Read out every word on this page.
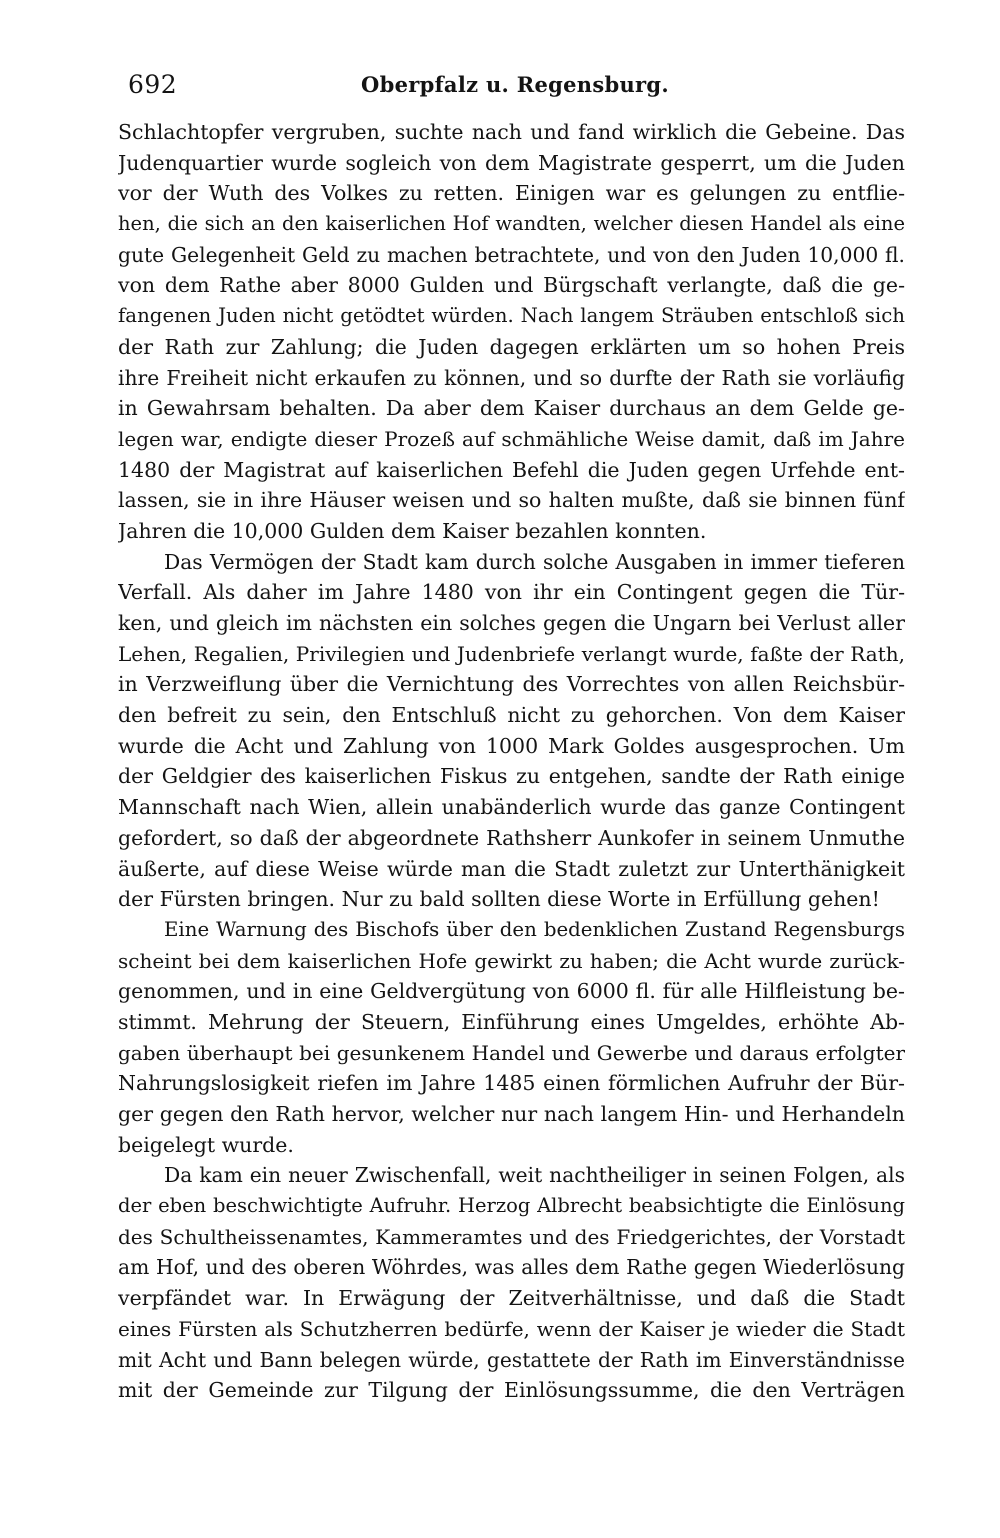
692	Oberpfalz u. Regensburg.
Schlachtopfer vergruben, suchte nach und fand wirklich die Gebeine. Das
Judenquartier wurde sogleich von dem Magistrate gesperrt, um die Juden
vor der Wuth des Volkes zu retten. Einigen war es gelungen zu entflie-
hen, die sich an den kaiserlichen Hof wandten, welcher diesen Handel als eine
gute Gelegenheit Geld zu machen betrachtete, und von den Juden 10,000 fl.
von dem Rathe aber 8000 Gulden und Bürgschaft verlangte, daß die ge-
fangenen Juden nicht getödtet würden. Nach langem Sträuben entschloß sich
der Rath zur Zahlung; die Juden dagegen erklärten um so hohen Preis
ihre Freiheit nicht erkaufen zu können, und so durfte der Rath sie vorläufig
in Gewahrsam behalten. Da aber dem Kaiser durchaus an dem Gelde ge-
legen war, endigte dieser Prozeß auf schmähliche Weise damit, daß im Jahre
1480 der Magistrat auf kaiserlichen Befehl die Juden gegen Urfehde ent-
lassen, sie in ihre Häuser weisen und so halten mußte, daß sie binnen fünf
Jahren die 10,000 Gulden dem Kaiser bezahlen konnten.
Das Vermögen der Stadt kam durch solche Ausgaben in immer tieferen
Verfall. Als daher im Jahre 1480 von ihr ein Contingent gegen die Tür-
ken, und gleich im nächsten ein solches gegen die Ungarn bei Verlust aller
Lehen, Regalien, Privilegien und Judenbriefe verlangt wurde, faßte der Rath,
in Verzweiflung über die Vernichtung des Vorrechtes von allen Reichsbür-
den befreit zu sein, den Entschluß nicht zu gehorchen. Von dem Kaiser
wurde die Acht und Zahlung von 1000 Mark Goldes ausgesprochen. Um
der Geldgier des kaiserlichen Fiskus zu entgehen, sandte der Rath einige
Mannschaft nach Wien, allein unabänderlich wurde das ganze Contingent
gefordert, so daß der abgeordnete Rathsherr Aunkofer in seinem Unmuthe
äußerte, auf diese Weise würde man die Stadt zuletzt zur Unterthänigkeit
der Fürsten bringen. Nur zu bald sollten diese Worte in Erfüllung gehen!
Eine Warnung des Bischofs über den bedenklichen Zustand Regensburgs
scheint bei dem kaiserlichen Hofe gewirkt zu haben; die Acht wurde zurück-
genommen, und in eine Geldvergütung von 6000 fl. für alle Hilfleistung be-
stimmt. Mehrung der Steuern, Einführung eines Umgeldes, erhöhte Ab-
gaben überhaupt bei gesunkenem Handel und Gewerbe und daraus erfolgter
Nahrungslosigkeit riefen im Jahre 1485 einen förmlichen Aufruhr der Bür-
ger gegen den Rath hervor, welcher nur nach langem Hin- und Herhandeln
beigelegt wurde.
Da kam ein neuer Zwischenfall, weit nachtheiliger in seinen Folgen, als
der eben beschwichtigte Aufruhr. Herzog Albrecht beabsichtigte die Einlösung
des Schultheissenamtes, Kammeramtes und des Friedgerichtes, der Vorstadt
am Hof, und des oberen Wöhrdes, was alles dem Rathe gegen Wiederlösung
verpfändet war. In Erwägung der Zeitverhältnisse, und daß die Stadt
eines Fürsten als Schutzherren bedürfe, wenn der Kaiser je wieder die Stadt
mit Acht und Bann belegen würde, gestattete der Rath im Einverständnisse
mit der Gemeinde zur Tilgung der Einlösungssumme, die den Verträgen
